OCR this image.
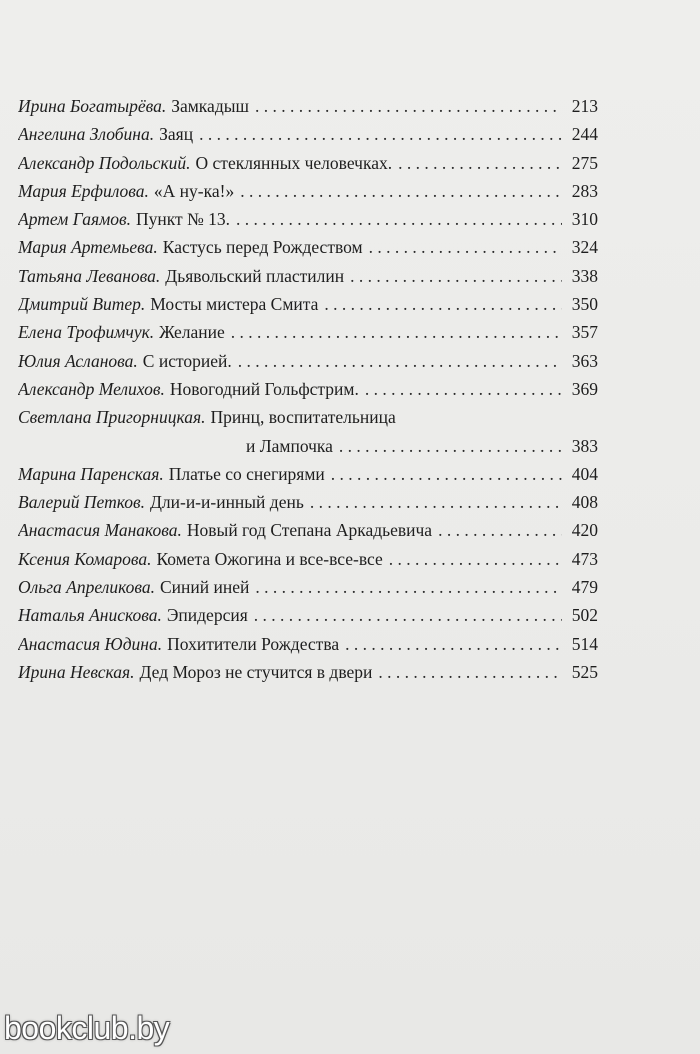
Ирина Богатырёва. Замкадыш . . .	213
Ангелина Злобина. Заяц . . .	244
Александр Подольский. О стеклянных человечках. . . .	275
Мария Ерфилова. «А ну-ка!» . . .	283
Артем Гаямов. Пункт № 13. . . .	310
Мария Артемьева. Кастусь перед Рождеством . . .	324
Татьяна Леванова. Дьявольский пластилин . . .	338
Дмитрий Витер. Мосты мистера Смита . . .	350
Елена Трофимчук. Желание . . .	357
Юлия Асланова. С историей. . . .	363
Александр Мелихов. Новогодний Гольфстрим. . . .	369
Светлана Пригорницкая. Принц, воспитательница
и Лампочка . . .	383
Марина Паренская. Платье со снегирями . . .	404
Валерий Петков. Дли-и-и-инный день . . .	408
Анастасия Манакова. Новый год Степана Аркадьевича . . .	420
Ксения Комарова. Комета Ожогина и все-все-все . . .	473
Ольга Апреликова. Синий иней . . .	479
Наталья Анискова. Эпидерсия . . .	502
Анастасия Юдина. Похитители Рождества . . .	514
Ирина Невская. Дед Мороз не стучится в двери . . .	525
bookclub.by
